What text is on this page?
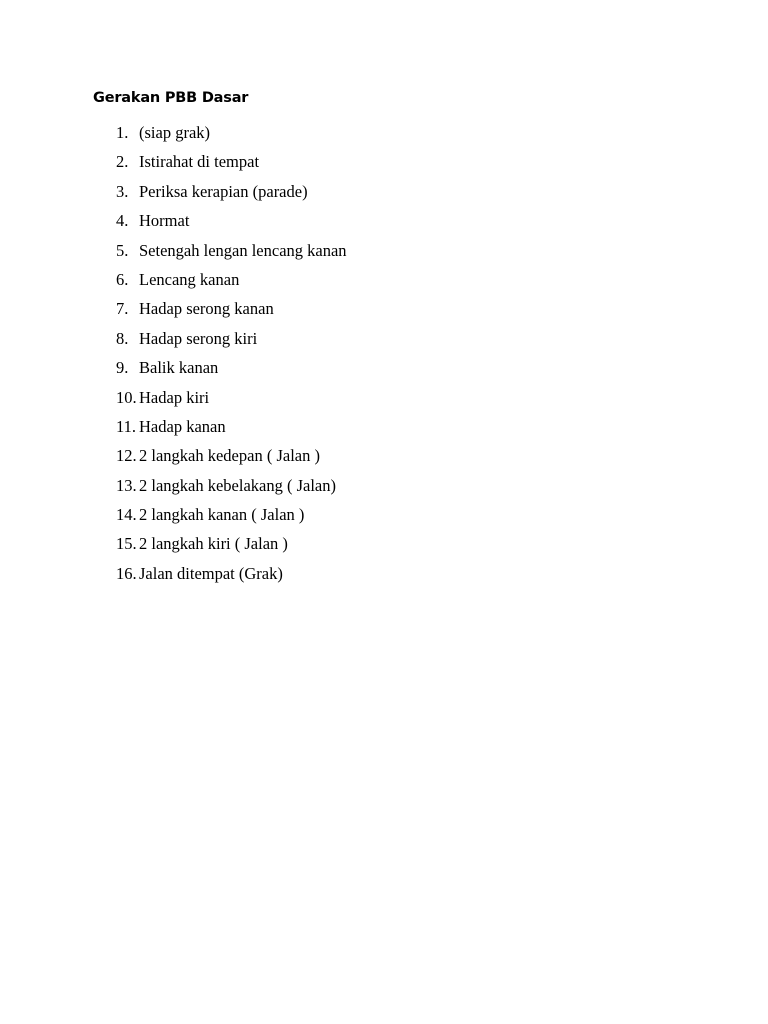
Gerakan PBB Dasar
1. (siap grak)
2. Istirahat di tempat
3. Periksa kerapian (parade)
4. Hormat
5. Setengah lengan lencang kanan
6. Lencang kanan
7. Hadap serong kanan
8. Hadap serong kiri
9. Balik kanan
10. Hadap kiri
11. Hadap kanan
12. 2 langkah kedepan ( Jalan )
13. 2 langkah kebelakang ( Jalan)
14. 2 langkah kanan ( Jalan )
15. 2 langkah kiri ( Jalan )
16. Jalan ditempat (Grak)
